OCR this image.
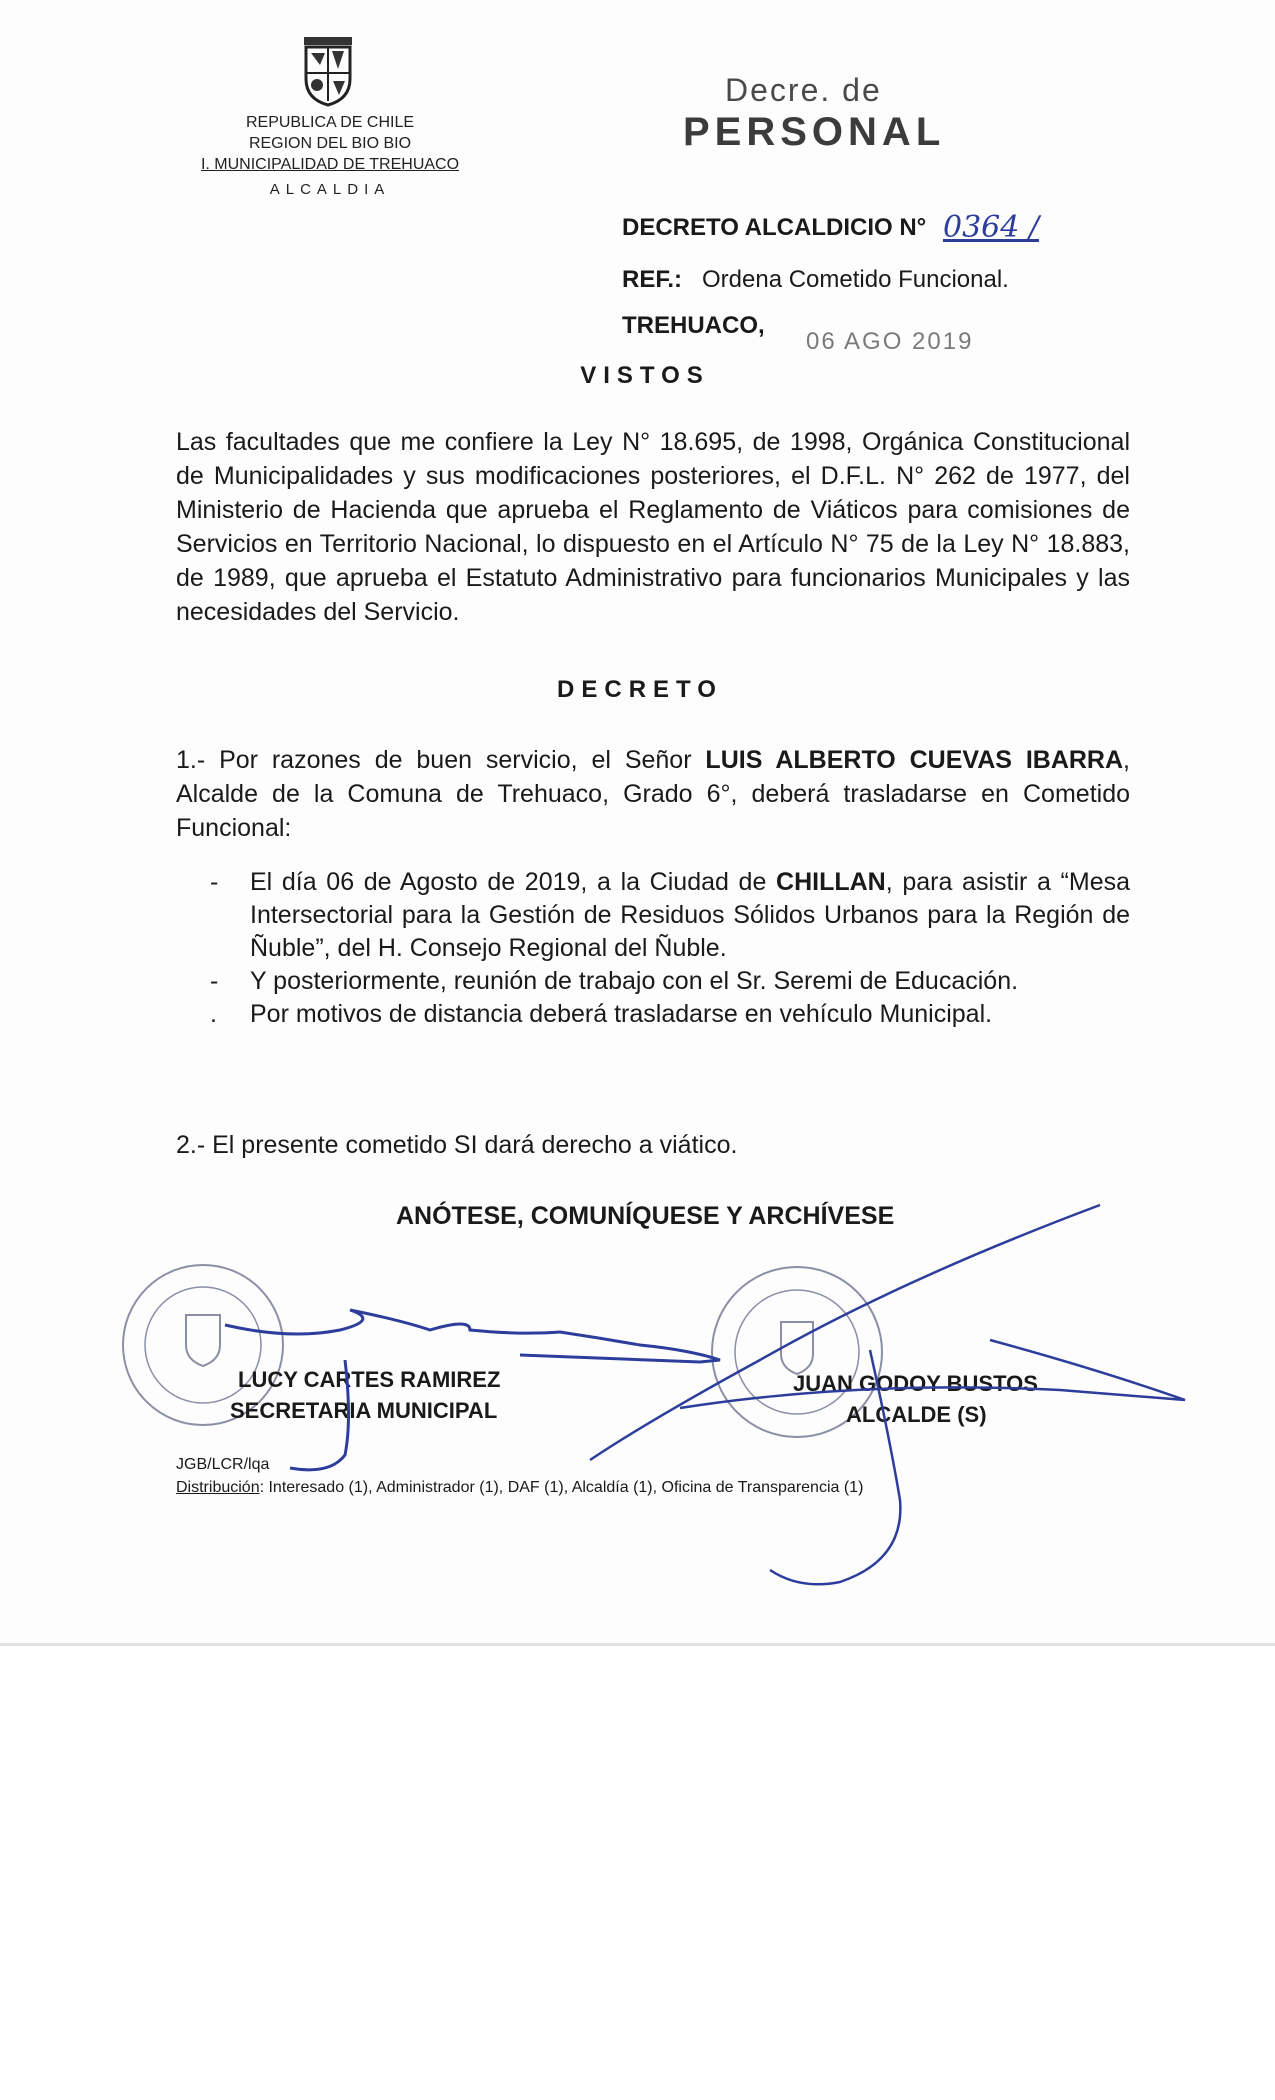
REPUBLICA DE CHILE
REGION DEL BIO BIO
I. MUNICIPALIDAD DE TREHUACO
ALCALDIA
Decre. de
PERSONAL
DECRETO ALCALDICIO N° 0364 /
REF.: Ordena Cometido Funcional.
TREHUACO,
06 AGO 2019
VISTOS
Las facultades que me confiere la Ley N° 18.695, de 1998, Orgánica Constitucional de Municipalidades y sus modificaciones posteriores, el D.F.L. N° 262 de 1977, del Ministerio de Hacienda que aprueba el Reglamento de Viáticos para comisiones de Servicios en Territorio Nacional, lo dispuesto en el Artículo N° 75 de la Ley N° 18.883, de 1989, que aprueba el Estatuto Administrativo para funcionarios Municipales y las necesidades del Servicio.
DECRETO
1.- Por razones de buen servicio, el Señor LUIS ALBERTO CUEVAS IBARRA, Alcalde de la Comuna de Trehuaco, Grado 6°, deberá trasladarse en Cometido Funcional:
- El día 06 de Agosto de 2019, a la Ciudad de CHILLAN, para asistir a “Mesa Intersectorial para la Gestión de Residuos Sólidos Urbanos para la Región de Ñuble”, del H. Consejo Regional del Ñuble.
- Y posteriormente, reunión de trabajo con el Sr. Seremi de Educación.
. Por motivos de distancia deberá trasladarse en vehículo Municipal.
2.- El presente cometido SI dará derecho a viático.
ANÓTESE, COMUNÍQUESE Y ARCHÍVESE
LUCY CARTES RAMIREZ
SECRETARIA MUNICIPAL
JUAN GODOY BUSTOS
ALCALDE (S)
JGB/LCR/lqa
Distribución: Interesado (1), Administrador (1), DAF (1), Alcaldía (1), Oficina de Transparencia (1)
